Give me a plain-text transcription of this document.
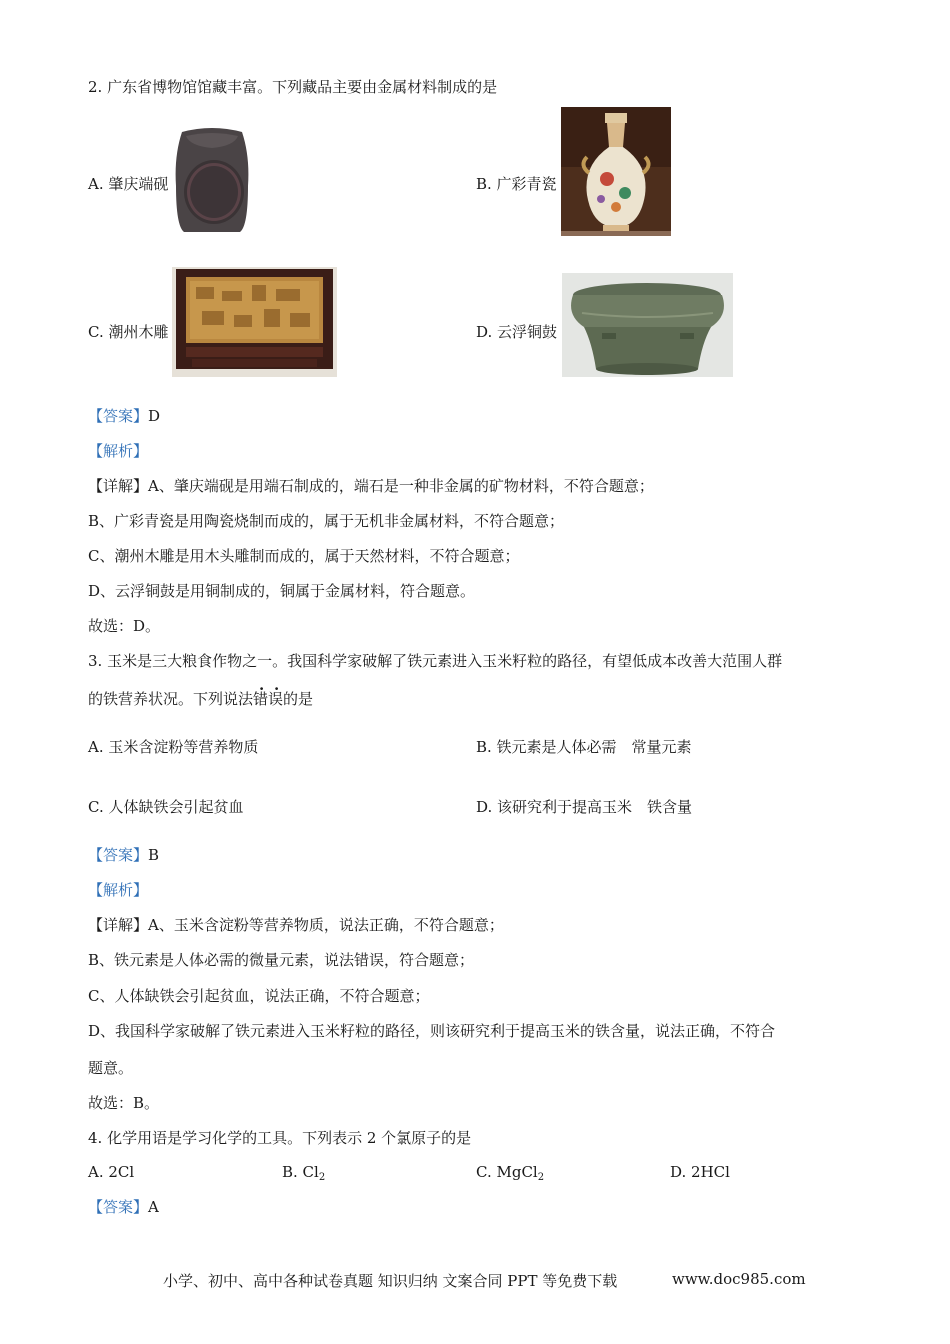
2. 广东省博物馆馆藏丰富。下列藏品主要由金属材料制成的是
A. 肇庆端砚	B. 广彩青瓷
C. 潮州木雕	D. 云浮铜鼓
【答案】D
【解析】
【详解】A、肇庆端砚是用端石制成的，端石是一种非金属的矿物材料，不符合题意；
B、广彩青瓷是用陶瓷烧制而成的，属于无机非金属材料，不符合题意；
C、潮州木雕是用木头雕制而成的，属于天然材料，不符合题意；
D、云浮铜鼓是用铜制成的，铜属于金属材料，符合题意。
故选：D。
3. 玉米是三大粮食作物之一。我国科学家破解了铁元素进入玉米籽粒的路径，有望低成本改善大范围人群
的铁营养状况。下列说法错误的是
A. 玉米含淀粉等营养物质	B. 铁元素是人体必需　常量元素
C. 人体缺铁会引起贫血	D. 该研究利于提高玉米　铁含量
【答案】B
【解析】
【详解】A、玉米含淀粉等营养物质，说法正确，不符合题意；
B、铁元素是人体必需的微量元素，说法错误，符合题意；
C、人体缺铁会引起贫血，说法正确，不符合题意；
D、我国科学家破解了铁元素进入玉米籽粒的路径，则该研究利于提高玉米的铁含量，说法正确，不符合
题意。
故选：B。
4. 化学用语是学习化学的工具。下列表示 2 个氯原子的是
A. 2Cl	B. $Cl_2$	C. MgCl$_2$	D. 2HCl
【答案】A
小学、初中、高中各种试卷真题 知识归纳 文案合同 PPT 等免费下载	www.doc985.com
